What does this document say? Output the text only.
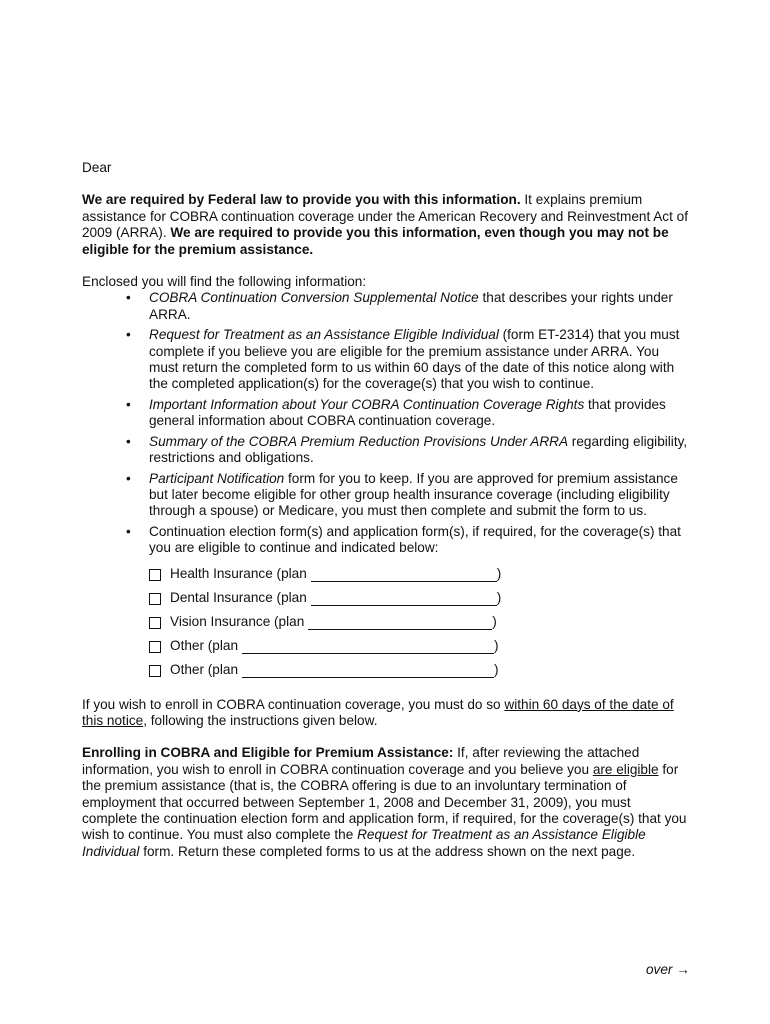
Dear

We are required by Federal law to provide you with this information. It explains premium assistance for COBRA continuation coverage under the American Recovery and Reinvestment Act of 2009 (ARRA). We are required to provide you this information, even though you may not be eligible for the premium assistance.

Enclosed you will find the following information:

• COBRA Continuation Conversion Supplemental Notice that describes your rights under ARRA.
• Request for Treatment as an Assistance Eligible Individual (form ET-2314) that you must complete if you believe you are eligible for the premium assistance under ARRA. You must return the completed form to us within 60 days of the date of this notice along with the completed application(s) for the coverage(s) that you wish to continue.
• Important Information about Your COBRA Continuation Coverage Rights that provides general information about COBRA continuation coverage.
• Summary of the COBRA Premium Reduction Provisions Under ARRA regarding eligibility, restrictions and obligations.
• Participant Notification form for you to keep. If you are approved for premium assistance but later become eligible for other group health insurance coverage (including eligibility through a spouse) or Medicare, you must then complete and submit the form to us.
• Continuation election form(s) and application form(s), if required, for the coverage(s) that you are eligible to continue and indicated below:
Health Insurance (plan	)
Dental Insurance (plan	)
Vision Insurance (plan	)
Other (plan	)
Other (plan	)

If you wish to enroll in COBRA continuation coverage, you must do so within 60 days of the date of this notice, following the instructions given below.

Enrolling in COBRA and Eligible for Premium Assistance: If, after reviewing the attached information, you wish to enroll in COBRA continuation coverage and you believe you are eligible for the premium assistance (that is, the COBRA offering is due to an involuntary termination of employment that occurred between September 1, 2008 and December 31, 2009), you must complete the continuation election form and application form, if required, for the coverage(s) that you wish to continue. You must also complete the Request for Treatment as an Assistance Eligible Individual form. Return these completed forms to us at the address shown on the next page.

over →
